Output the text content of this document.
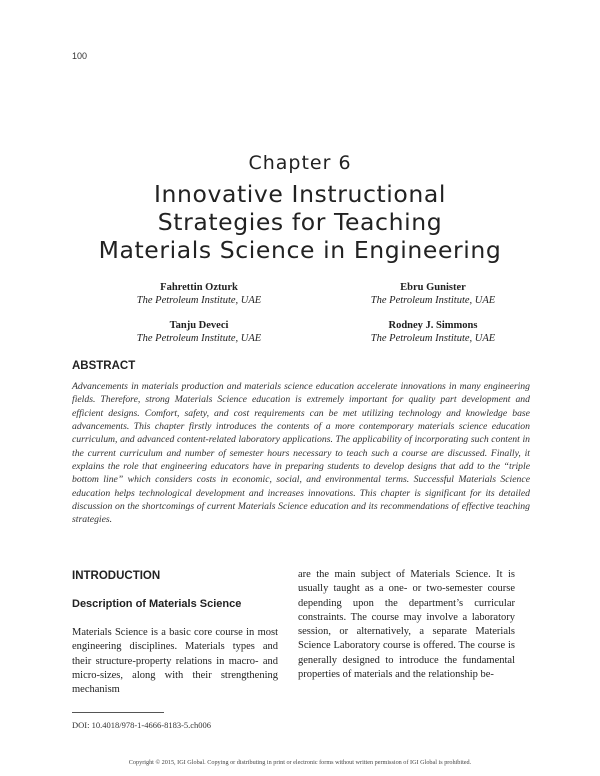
100
Chapter 6
Innovative Instructional
Strategies for Teaching
Materials Science in Engineering
Fahrettin Ozturk
The Petroleum Institute, UAE
Ebru Gunister
The Petroleum Institute, UAE
Tanju Deveci
The Petroleum Institute, UAE
Rodney J. Simmons
The Petroleum Institute, UAE
ABSTRACT
Advancements in materials production and materials science education accelerate innovations in many engineering fields. Therefore, strong Materials Science education is extremely important for quality part development and efficient designs. Comfort, safety, and cost requirements can be met utilizing technology and knowledge base advancements. This chapter firstly introduces the contents of a more contemporary materials science education curriculum, and advanced content-related laboratory applications. The applicability of incorporating such content in the current curriculum and number of semester hours necessary to teach such a course are discussed. Finally, it explains the role that engineering educators have in preparing students to develop designs that add to the “triple bottom line” which considers costs in economic, social, and environmental terms. Successful Materials Science education helps technological development and increases innovations. This chapter is significant for its detailed discussion on the shortcomings of current Materials Science education and its recommendations of effective teaching strategies.
INTRODUCTION
Description of Materials Science
Materials Science is a basic core course in most engineering disciplines. Materials types and their structure-property relations in macro- and micro-sizes, along with their strengthening mechanism
are the main subject of Materials Science. It is usually taught as a one- or two-semester course depending upon the department’s curricular constraints. The course may involve a laboratory session, or alternatively, a separate Materials Science Laboratory course is offered. The course is generally designed to introduce the fundamental properties of materials and the relationship be-
DOI: 10.4018/978-1-4666-8183-5.ch006
Copyright © 2015, IGI Global. Copying or distributing in print or electronic forms without written permission of IGI Global is prohibited.
